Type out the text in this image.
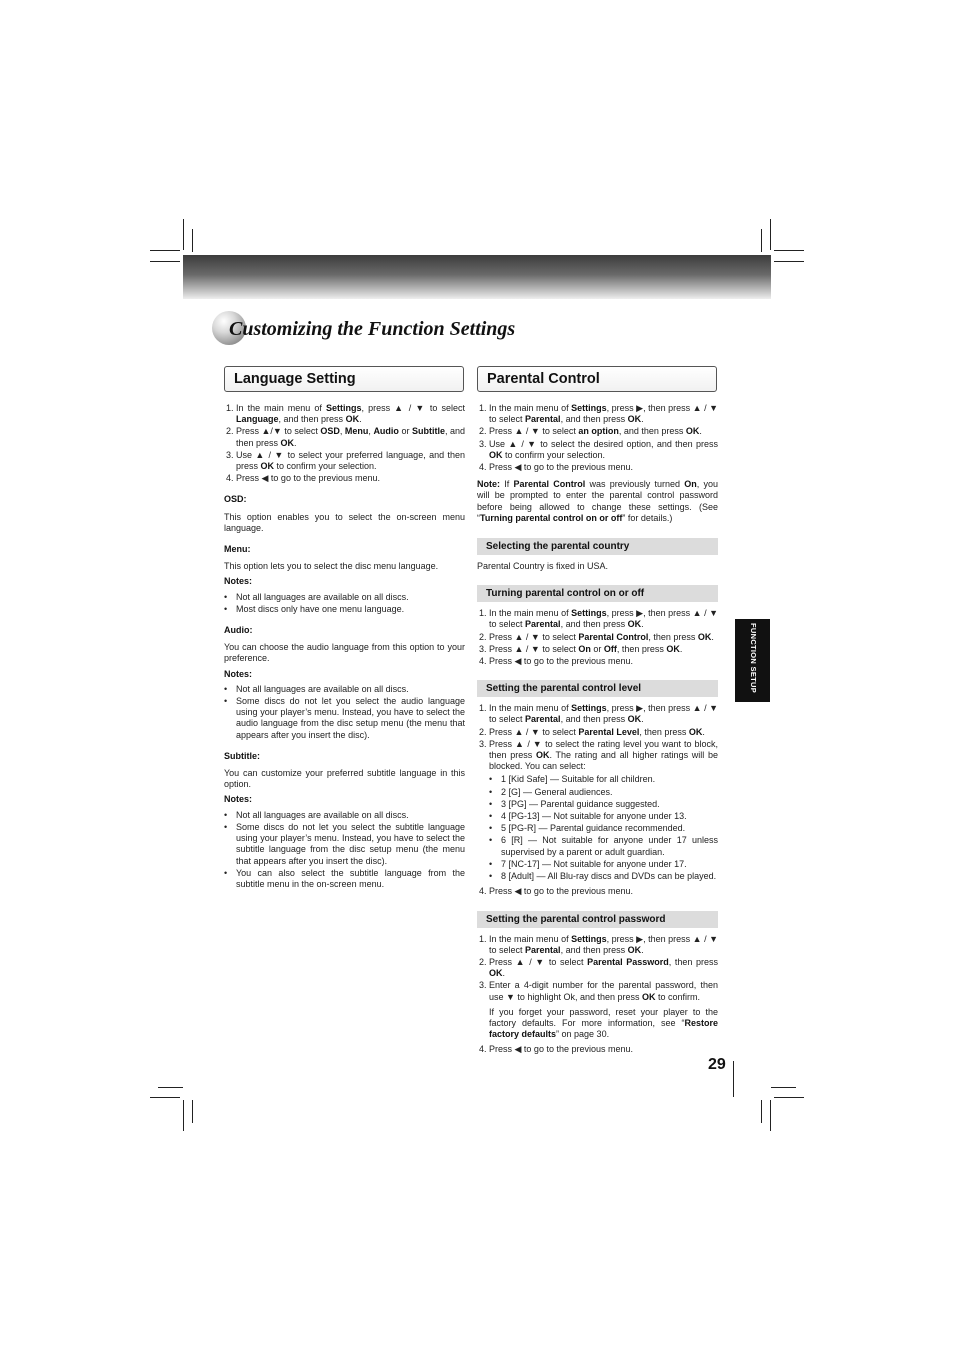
Customizing the Function Settings
Language Setting	Parental Control
1. In the main menu of Settings, press ▲ / ▼ to select Language, and then press OK.
2. Press ▲/▼ to select OSD, Menu, Audio or Subtitle, and then press OK.
3. Use ▲ / ▼ to select your preferred language, and then press OK to confirm your selection.
4. Press ◀ to go to the previous menu.
OSD:

This option enables you to select the on-screen menu language.

Menu:

This option lets you to select the disc menu language.

Notes:
• Not all languages are available on all discs.
• Most discs only have one menu language.
Audio:

You can choose the audio language from this option to your preference.

Notes:
• Not all languages are available on all discs.
• Some discs do not let you select the audio language using your player’s menu. Instead, you have to select the audio language from the disc setup menu (the menu that appears after you insert the disc).
Subtitle:

You can customize your preferred subtitle language in this option.

Notes:
• Not all languages are available on all discs.
• Some discs do not let you select the subtitle language using your player’s menu. Instead, you have to select the subtitle language from the disc setup menu (the menu that appears after you insert the disc).
• You can also select the subtitle language from the subtitle menu in the on-screen menu.
1. In the main menu of Settings, press ▶, then press ▲ / ▼ to select Parental, and then press OK.
2. Press ▲ / ▼ to select an option, and then press OK.
3. Use ▲ / ▼ to select the desired option, and then press OK to confirm your selection.
4. Press ◀ to go to the previous menu.

Note: If Parental Control was previously turned On, you will be prompted to enter the parental control password before being allowed to change these settings. (See “Turning parental control on or off” for details.)

Selecting the parental country

Parental Country is fixed in USA.

Turning parental control on or off
1. In the main menu of Settings, press ▶, then press ▲ / ▼ to select Parental, and then press OK.
2. Press ▲ / ▼ to select Parental Control, then press OK.
3. Press ▲ / ▼ to select On or Off, then press OK.
4. Press ◀ to go to the previous menu.
Setting the parental control level
1. In the main menu of Settings, press ▶, then press ▲ / ▼ to select Parental, and then press OK.
2. Press ▲ / ▼ to select Parental Level, then press OK.
3. Press ▲ / ▼ to select the rating level you want to block, then press OK. The rating and all higher ratings will be blocked. You can select:
• 1 [Kid Safe] — Suitable for all children.
• 2 [G] — General audiences.
• 3 [PG] — Parental guidance suggested.
• 4 [PG-13] — Not suitable for anyone under 13.
• 5 [PG-R] — Parental guidance recommended.
• 6 [R] — Not suitable for anyone under 17 unless supervised by a parent or adult guardian.
• 7 [NC-17] — Not suitable for anyone under 17.
• 8 [Adult] — All Blu-ray discs and DVDs can be played.
4. Press ◀ to go to the previous menu.
Setting the parental control password
1. In the main menu of Settings, press ▶, then press ▲ / ▼ to select Parental, and then press OK.
2. Press ▲ / ▼ to select Parental Password, then press OK.
3. Enter a 4-digit number for the parental password, then use ▼ to highlight Ok, and then press OK to confirm.

If you forget your password, reset your player to the factory defaults. For more information, see “Restore factory defaults” on page 30.

4. Press ◀ to go to the previous menu.
FUNCTION SETUP
29
